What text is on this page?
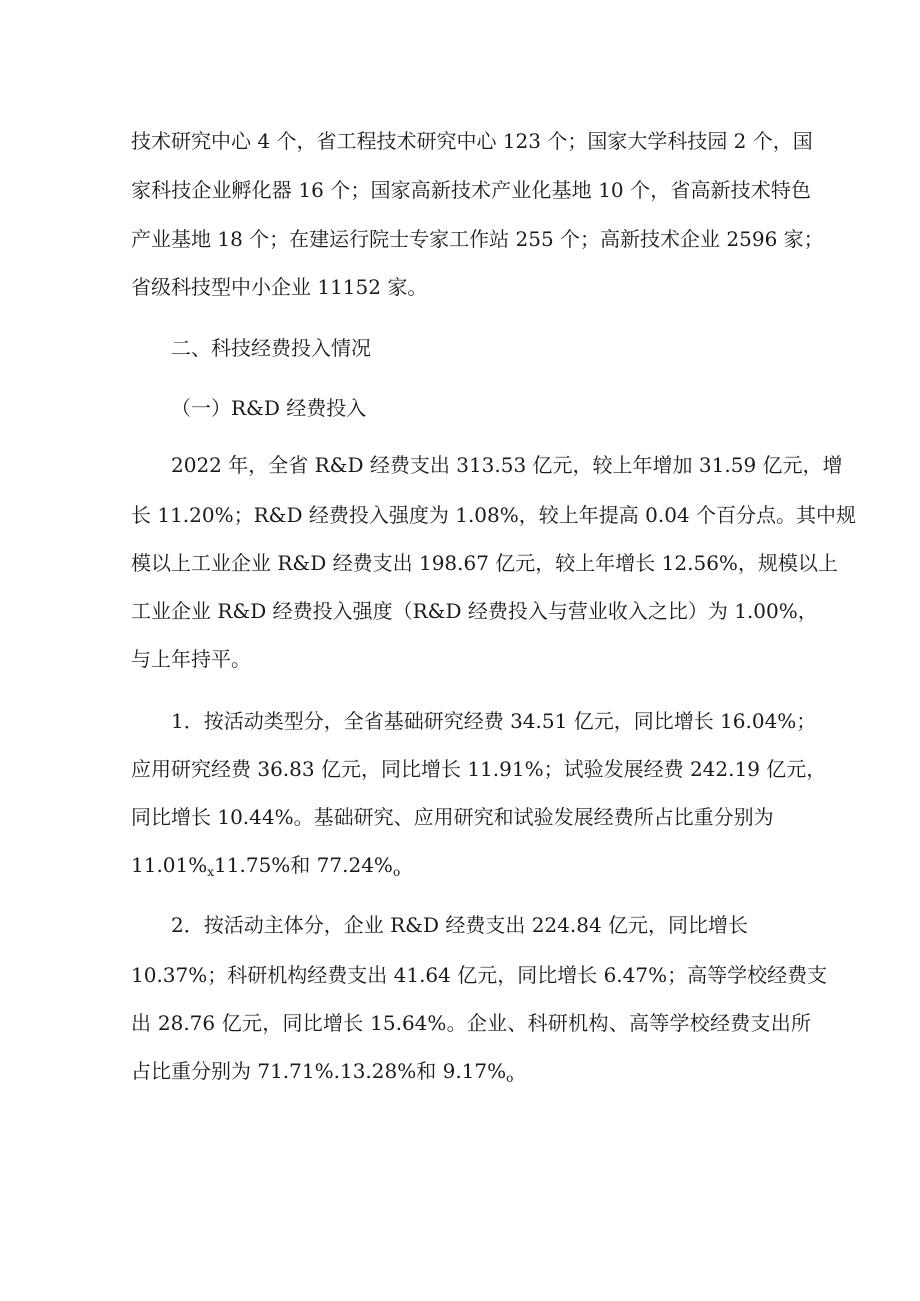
技术研究中心 4 个，省工程技术研究中心 123 个；国家大学科技园 2 个，国
家科技企业孵化器 16 个；国家高新技术产业化基地 10 个，省高新技术特色
产业基地 18 个；在建运行院士专家工作站 255 个；高新技术企业 2596 家；
省级科技型中小企业 11152 家。
二、科技经费投入情况
（一）R&D 经费投入
2022 年，全省 R&D 经费支出 313.53 亿元，较上年增加 31.59 亿元，增
长 11.20%；R&D 经费投入强度为 1.08%，较上年提高 0.04 个百分点。其中规
模以上工业企业 R&D 经费支出 198.67 亿元，较上年增长 12.56%，规模以上
工业企业 R&D 经费投入强度（R&D 经费投入与营业收入之比）为 1.00%，
与上年持平。
1．按活动类型分，全省基础研究经费 34.51 亿元，同比增长 16.04%；
应用研究经费 36.83 亿元，同比增长 11.91%；试验发展经费 242.19 亿元，
同比增长 10.44%。基础研究、应用研究和试验发展经费所占比重分别为
$11.01\%_x11.75\%$和 $77.24\%_o$
2．按活动主体分，企业 R&D 经费支出 224.84 亿元，同比增长
10.37%；科研机构经费支出 41.64 亿元，同比增长 6.47%；高等学校经费支
出 28.76 亿元，同比增长 15.64%。企业、科研机构、高等学校经费支出所
占比重分别为 71.71%.13.28%和 $9.17\%_o$
